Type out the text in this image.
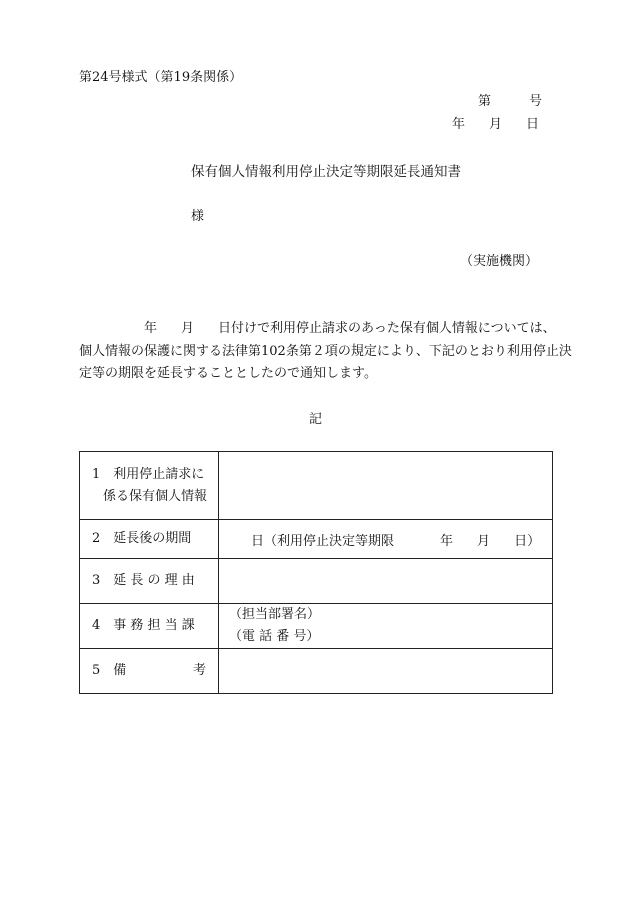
第24号様式（第19条関係）
第	号
年 月 日
保有個人情報利用停止決定等期限延長通知書
様
（実施機関）

年 月 日付けで利用停止請求のあった保有個人情報については、

個人情報の保護に関する法律第102条第２項の規定により、下記のとおり利用停止決

定等の期限を延長することとしたので通知します。

記
1　利用停止請求に
係る保有個人情報	

2　延長後の期間	日（利用停止決定等期限 年 月 日）

3　延 長 の 理 由	

4　事 務 担 当 課	（担当部署名）
（電 話 番 号）

5　備 考	
